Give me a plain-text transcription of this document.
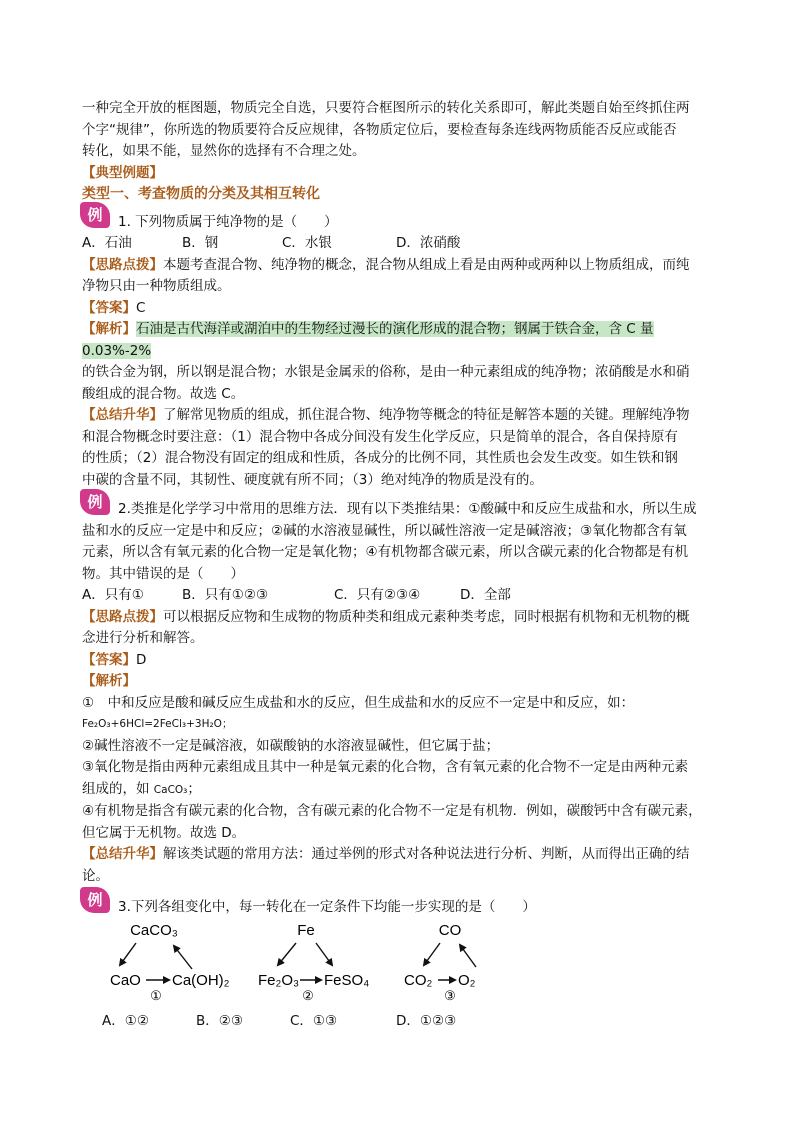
一种完全开放的框图题，物质完全自选，只要符合框图所示的转化关系即可，解此类题自始至终抓住两

个字“规律”，你所选的物质要符合反应规律，各物质定位后，要检查每条连线两物质能否反应或能否

转化，如果不能，显然你的选择有不合理之处。

【典型例题】

类型一、考查物质的分类及其相互转化

例	1. 下列物质属于纯净物的是（　　）

A．石油	B．钢	C．水银	D．浓硝酸

【思路点拨】本题考查混合物、纯净物的概念，混合物从组成上看是由两种或两种以上物质组成，而纯

净物只由一种物质组成。

【答案】C

【解析】石油是古代海洋或湖泊中的生物经过漫长的演化形成的混合物；钢属于铁合金，含 C 量 0.03%-2%

的铁合金为钢，所以钢是混合物；水银是金属汞的俗称，是由一种元素组成的纯净物；浓硝酸是水和硝

酸组成的混合物。故选 C。

【总结升华】了解常见物质的组成，抓住混合物、纯净物等概念的特征是解答本题的关键。理解纯净物

和混合物概念时要注意：（1）混合物中各成分间没有发生化学反应，只是简单的混合，各自保持原有

的性质；（2）混合物没有固定的组成和性质，各成分的比例不同，其性质也会发生改变。如生铁和钢

中碳的含量不同，其韧性、硬度就有所不同；（3）绝对纯净的物质是没有的。

例	2.类推是化学学习中常用的思维方法．现有以下类推结果：①酸碱中和反应生成盐和水，所以生成

盐和水的反应一定是中和反应；②碱的水溶液显碱性，所以碱性溶液一定是碱溶液；③氧化物都含有氧

元素，所以含有氧元素的化合物一定是氧化物；④有机物都含碳元素，所以含碳元素的化合物都是有机

物。其中错误的是（　　）

A．只有①	B．只有①②③	C．只有②③④	D．全部

【思路点拨】可以根据反应物和生成物的物质种类和组成元素种类考虑，同时根据有机物和无机物的概

念进行分析和解答。

【答案】D

【解析】

①　中和反应是酸和碱反应生成盐和水的反应，但生成盐和水的反应不一定是中和反应，如：

Fe₂O₃+6HCl=2FeCl₃+3H₂O；

②碱性溶液不一定是碱溶液，如碳酸钠的水溶液显碱性，但它属于盐；

③氧化物是指由两种元素组成且其中一种是氧元素的化合物，含有氧元素的化合物不一定是由两种元素

组成的，如 CaCO₃；

④有机物是指含有碳元素的化合物，含有碳元素的化合物不一定是有机物．例如，碳酸钙中含有碳元素，

但它属于无机物。故选 D。

【总结升华】解该类试题的常用方法：通过举例的形式对各种说法进行分析、判断，从而得出正确的结

论。

例	3.下列各组变化中，每一转化在一定条件下均能一步实现的是（　　）

CaCO₃
CaO Ca(OH)₂
①
Fe
Fe₂O₃ FeSO₄
②
CO
CO₂ O₂
③
A．①②	B．②③	C．①③	D．①②③
